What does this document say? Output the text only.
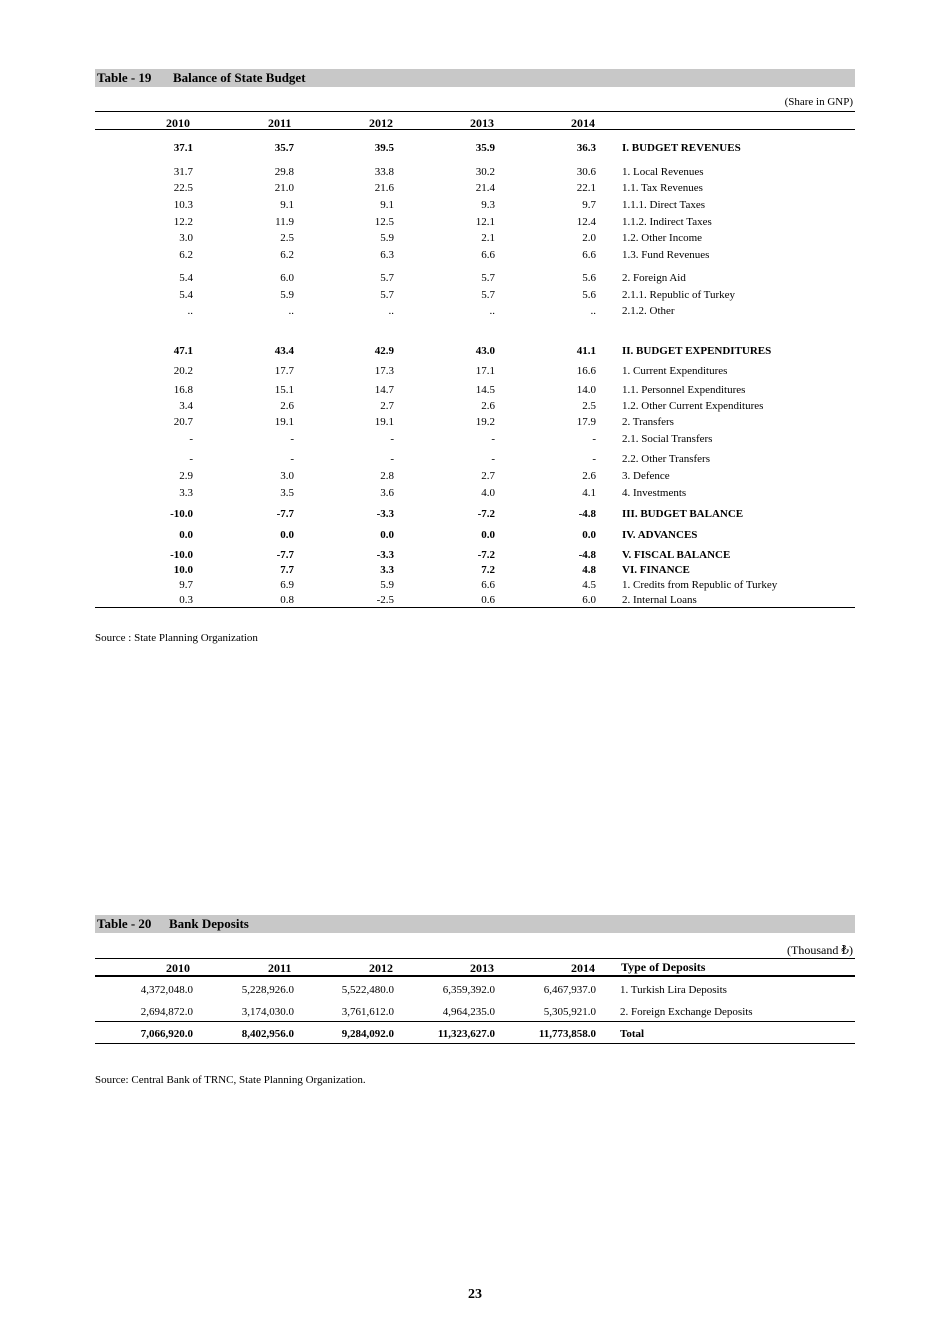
Table - 19 Balance of State Budget
(Share in GNP)
2010	2011	2012	2013	2014
37.1	35.7	39.5	35.9	36.3 I. BUDGET REVENUES
31.7	29.8	33.8	30.2	30.6 1. Local Revenues
22.5	21.0	21.6	21.4	22.1 1.1. Tax Revenues
10.3	9.1	9.1	9.3	9.7 1.1.1. Direct Taxes
12.2	11.9	12.5	12.1	12.4 1.1.2. Indirect Taxes
3.0	2.5	5.9	2.1	2.0 1.2. Other Income
6.2	6.2	6.3	6.6	6.6 1.3. Fund Revenues
5.4	6.0	5.7	5.7	5.6 2. Foreign Aid
5.4	5.9	5.7	5.7	5.6 2.1.1. Republic of Turkey
..	..	..	..	.. 2.1.2. Other
47.1	43.4	42.9	43.0	41.1 II. BUDGET EXPENDITURES
20.2	17.7	17.3	17.1	16.6 1. Current Expenditures
16.8	15.1	14.7	14.5	14.0 1.1. Personnel Expenditures
3.4	2.6	2.7	2.6	2.5 1.2. Other Current Expenditures
20.7	19.1	19.1	19.2	17.9 2. Transfers
-	-	-	-	- 2.1. Social Transfers
-	-	-	-	- 2.2. Other Transfers
2.9	3.0	2.8	2.7	2.6 3. Defence
3.3	3.5	3.6	4.0	4.1 4. Investments
-10.0	-7.7	-3.3	-7.2	-4.8 III. BUDGET BALANCE
0.0	0.0	0.0	0.0	0.0 IV. ADVANCES
-10.0	-7.7	-3.3	-7.2	-4.8 V. FISCAL BALANCE
10.0	7.7	3.3	7.2	4.8 VI. FINANCE
9.7	6.9	5.9	6.6	4.5 1. Credits from Republic of Turkey
0.3	0.8	-2.5	0.6	6.0 2. Internal Loans
Source : State Planning Organization
Table - 20 Bank Deposits
(Thousand ₺)
2010	2011	2012	2013	2014 Type of Deposits
4,372,048.0	5,228,926.0	5,522,480.0	6,359,392.0	6,467,937.0 1. Turkish Lira Deposits
2,694,872.0	3,174,030.0	3,761,612.0	4,964,235.0	5,305,921.0 2. Foreign Exchange Deposits
7,066,920.0	8,402,956.0	9,284,092.0	11,323,627.0	11,773,858.0 Total
Source: Central Bank of TRNC, State Planning Organization.
23
